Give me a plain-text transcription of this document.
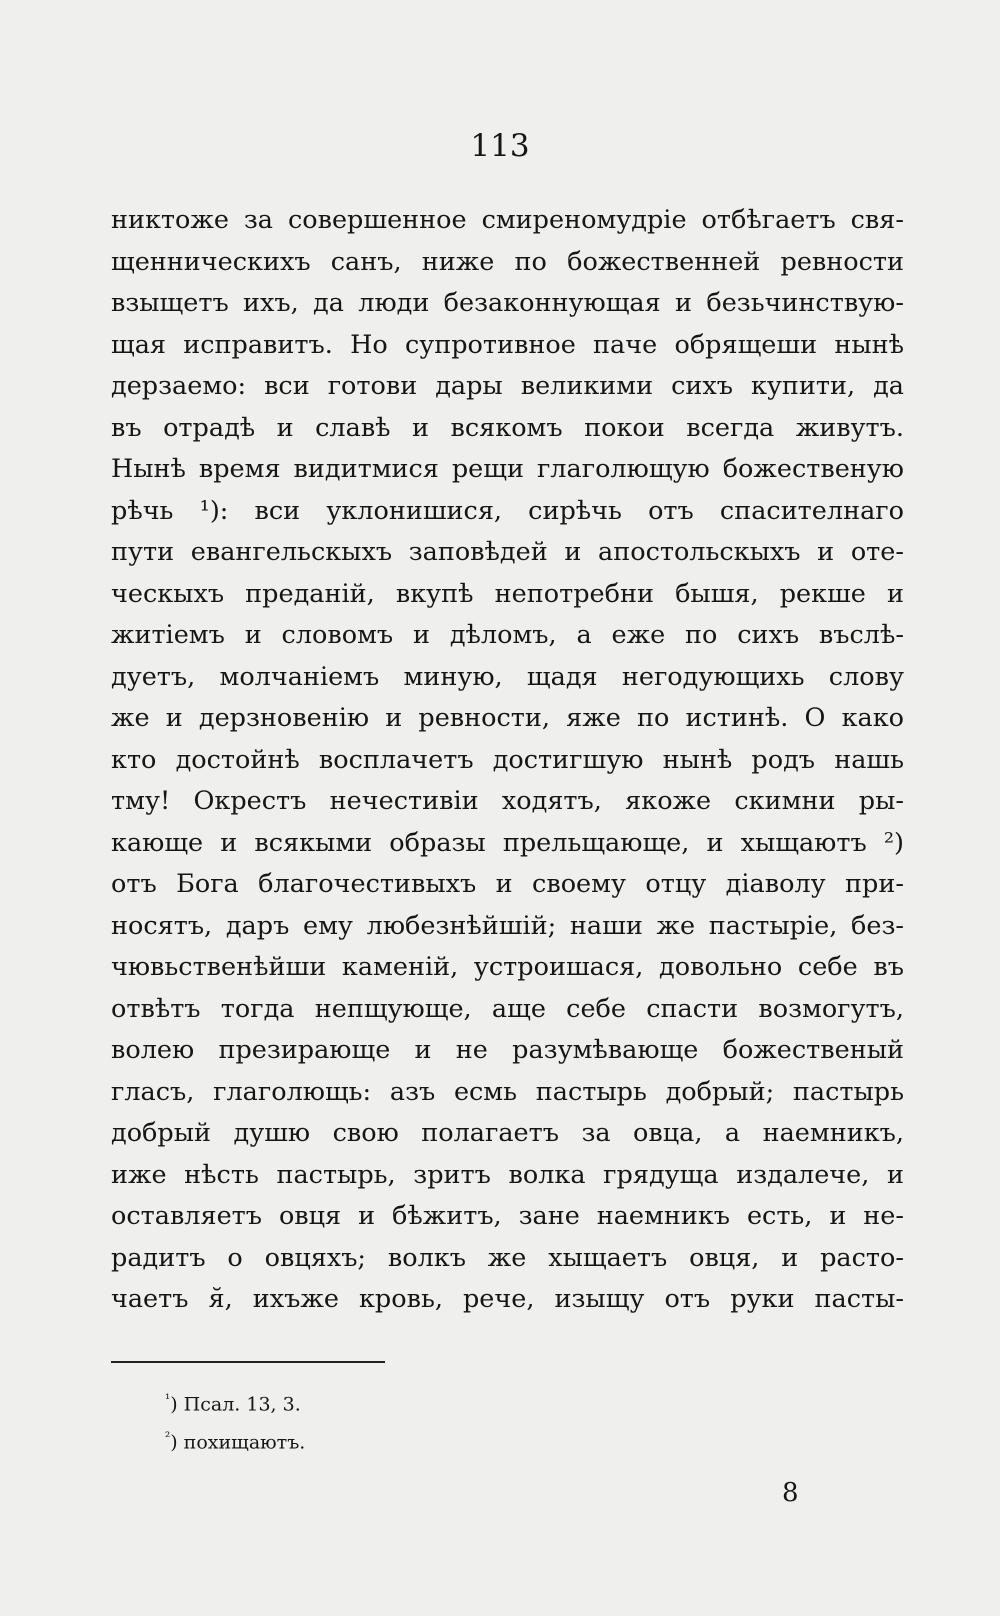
113
никтоже за совершенное смиреномудріе отбѣгаетъ свя-
щенническихъ санъ, ниже по божественней ревности
взыщетъ ихъ, да люди безаконнующая и безьчинствую-
щая исправитъ. Но супротивное паче обрящеши нынѣ
дерзаемо: вси готови дары великими сихъ купити, да
въ отрадѣ и славѣ и всякомъ покои всегда живутъ.
Нынѣ время видитмися рещи глаголющую божественую
рѣчь ¹): вси уклонишися, сирѣчь отъ спасителнаго
пути евангельскыхъ заповѣдей и апостольскыхъ и оте-
ческыхъ преданій, вкупѣ непотребни бышя, рекше и
житіемъ и словомъ и дѣломъ, а еже по сихъ въслѣ-
дуетъ, молчаніемъ миную, щадя негодующихь слову
же и дерзновенію и ревности, яже по истинѣ. О како
кто достойнѣ восплачетъ достигшую нынѣ родъ нашь
тму! Окрестъ нечестивіи ходятъ, якоже скимни ры-
кающе и всякыми образы прельщающе, и хыщаютъ ²)
отъ Бога благочестивыхъ и своему отцу діаволу при-
носятъ, даръ ему любезнѣйшій; наши же пастыріе, без-
чювьственѣйши каменій, устроишася, довольно себе въ
отвѣтъ тогда непщующе, аще себе спасти возмогутъ,
волею презирающе и не разумѣвающе божественый
гласъ, глаголющь: азъ есмь пастырь добрый; пастырь
добрый душю свою полагаетъ за овца, а наемникъ,
иже нѣсть пастырь, зритъ волка грядуща издалече, и
оставляетъ овця и бѣжитъ, зане наемникъ есть, и не-
радитъ о овцяхъ; волкъ же хыщаетъ овця, и расто-
чаетъ я̆, ихъже кровь, рече, изыщу отъ руки пасты-
$^{^1}$) Псал. 13, 3.
$^{^2}$) похищаютъ.
8
